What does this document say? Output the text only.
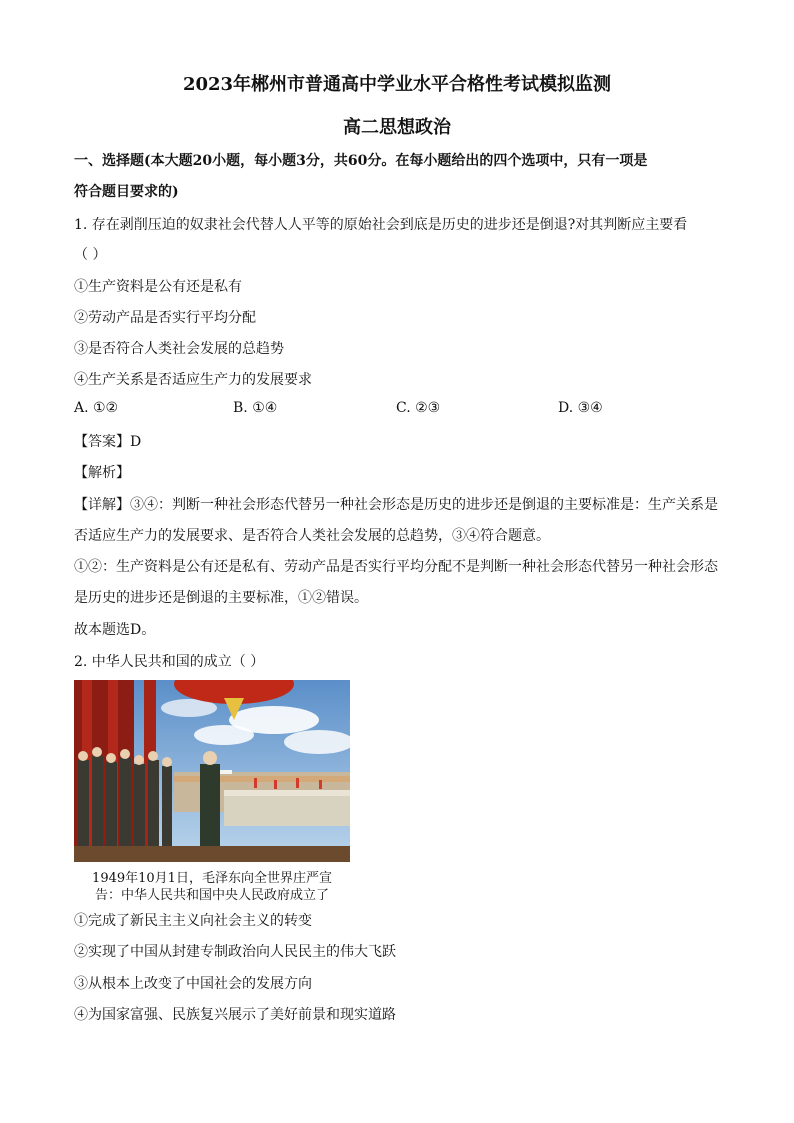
2023年郴州市普通高中学业水平合格性考试模拟监测
高二思想政治
一、选择题(本大题20小题，每小题3分，共60分。在每小题给出的四个选项中，只有一项是
符合题目要求的)
1. 存在剥削压迫的奴隶社会代替人人平等的原始社会到底是历史的进步还是倒退?对其判断应主要看
（ ）
①生产资料是公有还是私有
②劳动产品是否实行平均分配
③是否符合人类社会发展的总趋势
④生产关系是否适应生产力的发展要求
A. ①②	B. ①④	C. ②③	D. ③④
【答案】D
【解析】
【详解】③④：判断一种社会形态代替另一种社会形态是历史的进步还是倒退的主要标准是：生产关系是
否适应生产力的发展要求、是否符合人类社会发展的总趋势，③④符合题意。
①②：生产资料是公有还是私有、劳动产品是否实行平均分配不是判断一种社会形态代替另一种社会形态
是历史的进步还是倒退的主要标准，①②错误。
故本题选D。
2. 中华人民共和国的成立（ ）
1949年10月1日，毛泽东向全世界庄严宣
告：中华人民共和国中央人民政府成立了
①完成了新民主主义向社会主义的转变
②实现了中国从封建专制政治向人民民主的伟大飞跃
③从根本上改变了中国社会的发展方向
④为国家富强、民族复兴展示了美好前景和现实道路
